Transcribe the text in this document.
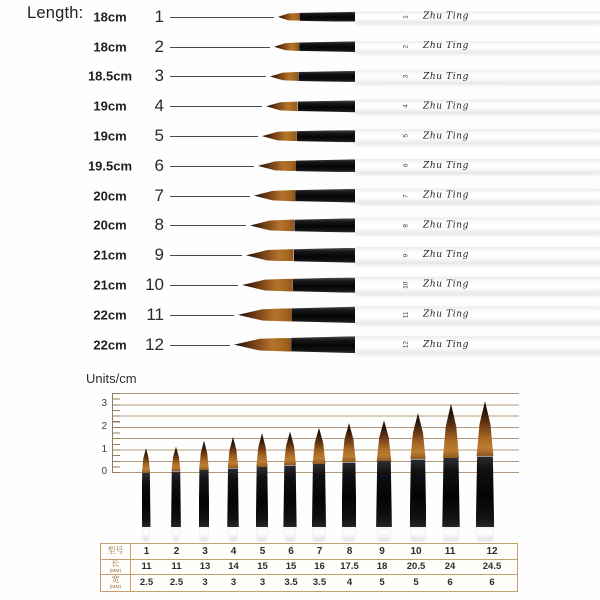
Length: 18cm	1	1 Zhu Ting
18cm	2	2 Zhu Ting
18.5cm	3	3 Zhu Ting
19cm	4	4 Zhu Ting
19cm	5	5 Zhu Ting
19.5cm	6	6 Zhu Ting
20cm	7	7 Zhu Ting
20cm	8	8 Zhu Ting
21cm	9	9 Zhu Ting
21cm	10	10 Zhu Ting
22cm	11	11 Zhu Ting
22cm	12	12 Zhu Ting
Units/cm
3
2
1
0
型号	1	2	3	4	5	6	7	8	9	10	11	12
长
(MM)	11	11	13	14	15	15	16	17.5	18	20.5	24	24.5
宽
(MM)	2.5	2.5	3	3	3	3.5	3.5	4	5	5	6	6
